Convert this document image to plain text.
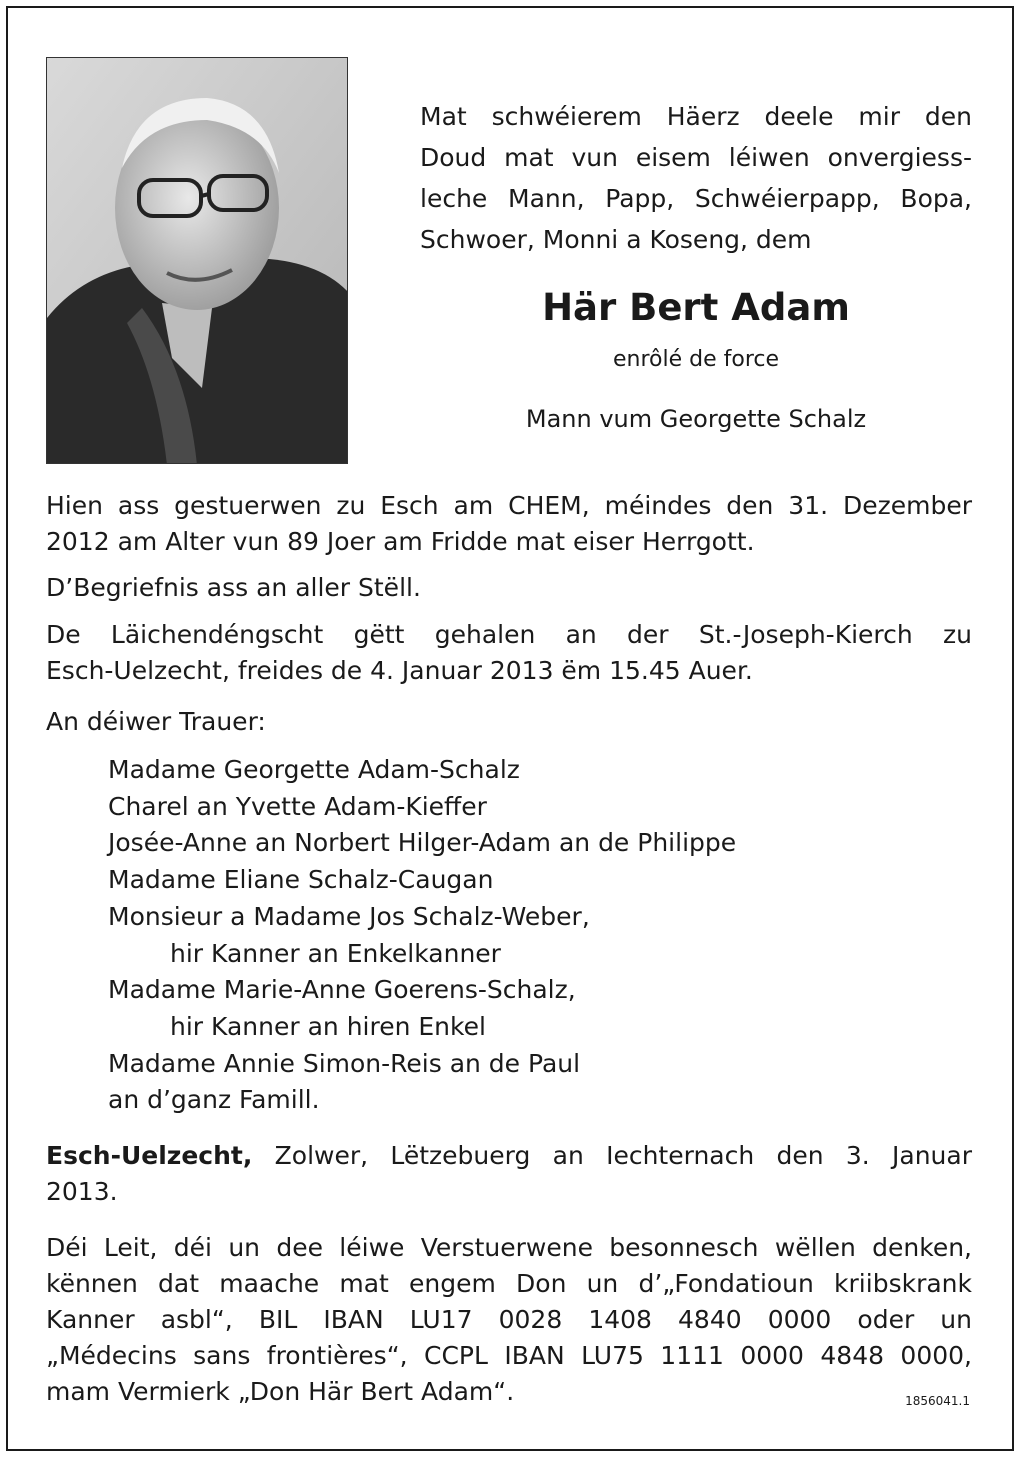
Mat schwéierem Häerz deele mir den
Doud mat vun eisem léiwen onvergiess-
leche Mann, Papp, Schwéierpapp, Bopa,
Schwoer, Monni a Koseng, dem
Här Bert Adam
enrôlé de force
Mann vum Georgette Schalz
Hien ass gestuerwen zu Esch am CHEM, méindes den 31. Dezember
2012 am Alter vun 89 Joer am Fridde mat eiser Herrgott.
D’Begriefnis ass an aller Stëll.
De Läichendéngscht gëtt gehalen an der St.-Joseph-Kierch zu
Esch-Uelzecht, freides de 4. Januar 2013 ëm 15.45 Auer.
An déiwer Trauer:
Madame Georgette Adam-Schalz
Charel an Yvette Adam-Kieffer
Josée-Anne an Norbert Hilger-Adam an de Philippe
Madame Eliane Schalz-Caugan
Monsieur a Madame Jos Schalz-Weber,
hir Kanner an Enkelkanner
Madame Marie-Anne Goerens-Schalz,
hir Kanner an hiren Enkel
Madame Annie Simon-Reis an de Paul
an d’ganz Famill.
Esch-Uelzecht, Zolwer, Lëtzebuerg an Iechternach den 3. Januar
2013.
Déi Leit, déi un dee léiwe Verstuerwene besonnesch wëllen denken,
kënnen dat maache mat engem Don un d’„Fondatioun kriibskrank
Kanner asbl“, BIL IBAN LU17 0028 1408 4840 0000 oder un
„Médecins sans frontières“, CCPL IBAN LU75 1111 0000 4848 0000,
mam Vermierk „Don Här Bert Adam“.	1856041.1
